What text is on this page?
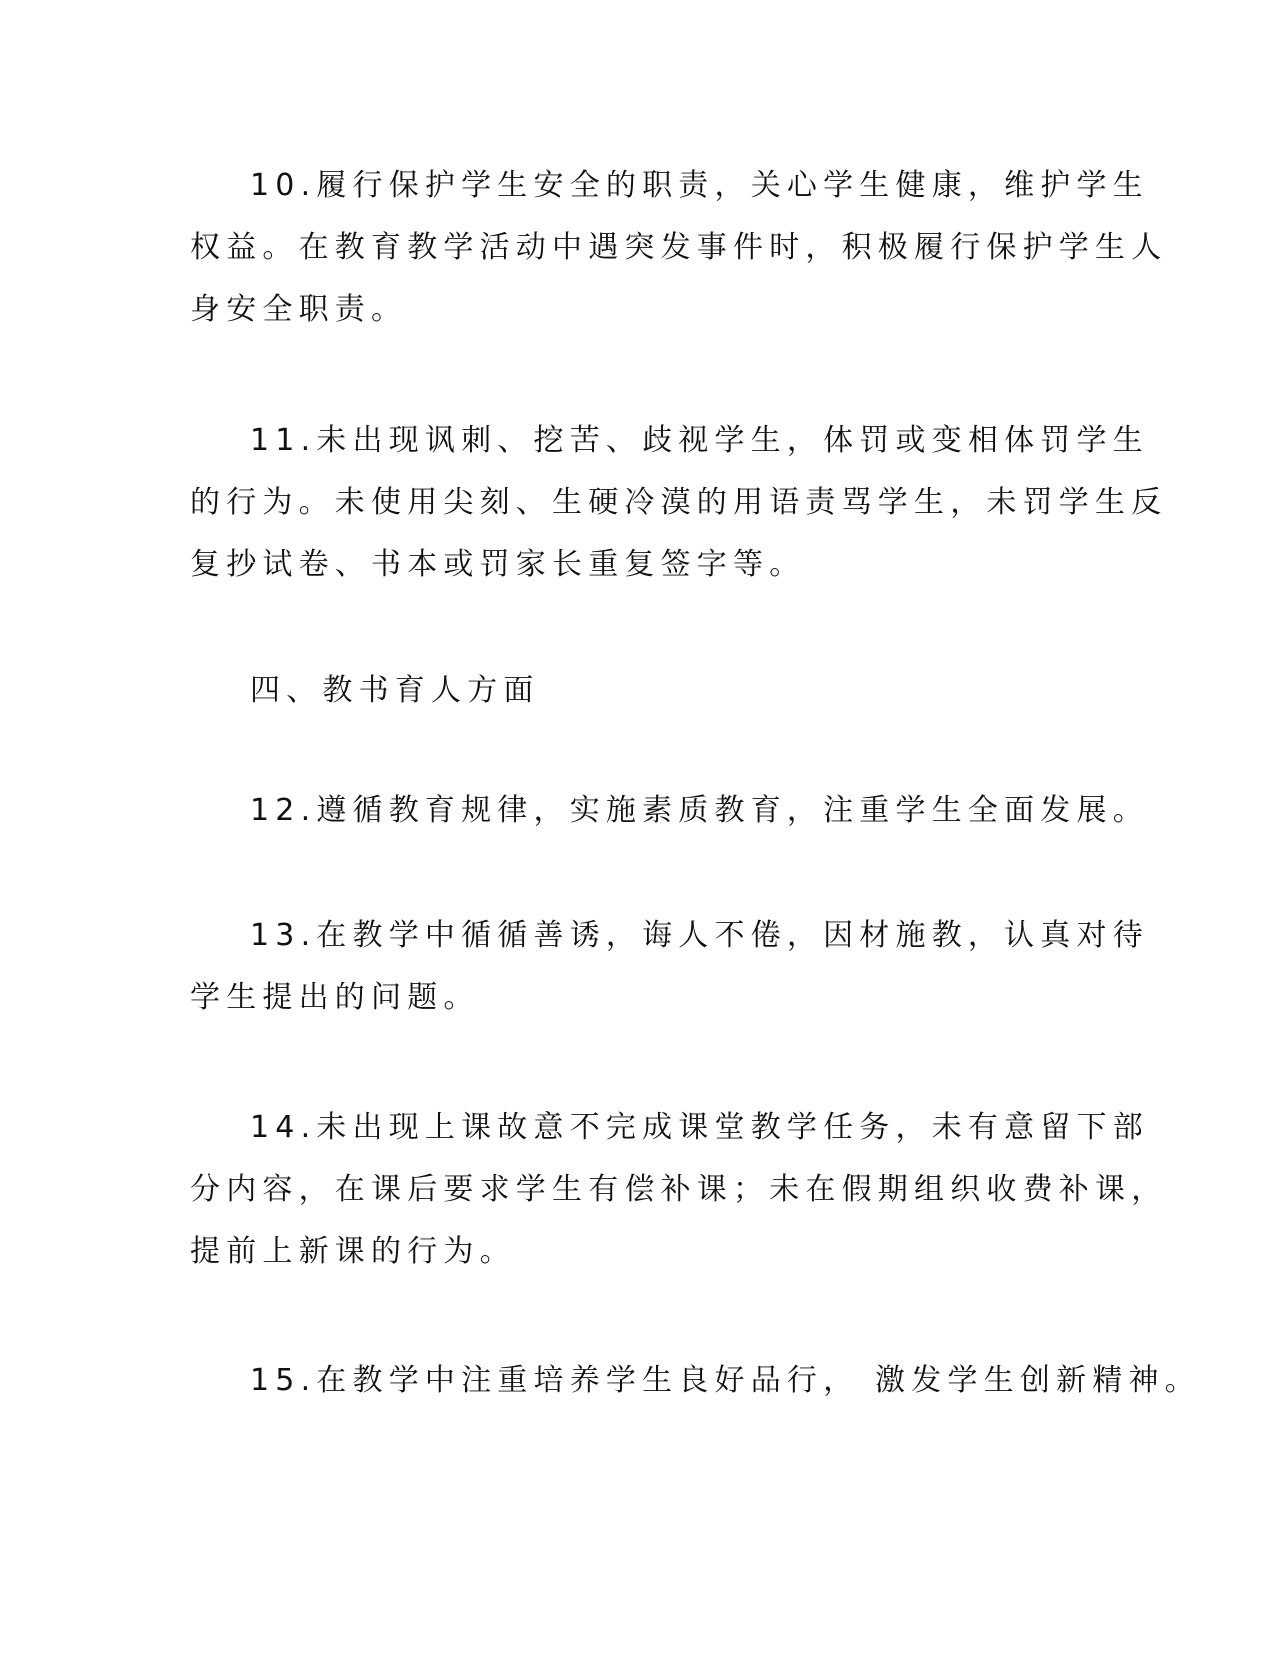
10.履行保护学生安全的职责，关心学生健康，维护学生
权益。在教育教学活动中遇突发事件时，积极履行保护学生人
身安全职责。
11.未出现讽刺、挖苦、歧视学生，体罚或变相体罚学生
的行为。未使用尖刻、生硬冷漠的用语责骂学生，未罚学生反
复抄试卷、书本或罚家长重复签字等。
四、教书育人方面
12.遵循教育规律，实施素质教育，注重学生全面发展。
13.在教学中循循善诱，诲人不倦，因材施教，认真对待
学生提出的问题。
14.未出现上课故意不完成课堂教学任务，未有意留下部
分内容，在课后要求学生有偿补课；未在假期组织收费补课，
提前上新课的行为。
15.在教学中注重培养学生良好品行， 激发学生创新精神。
